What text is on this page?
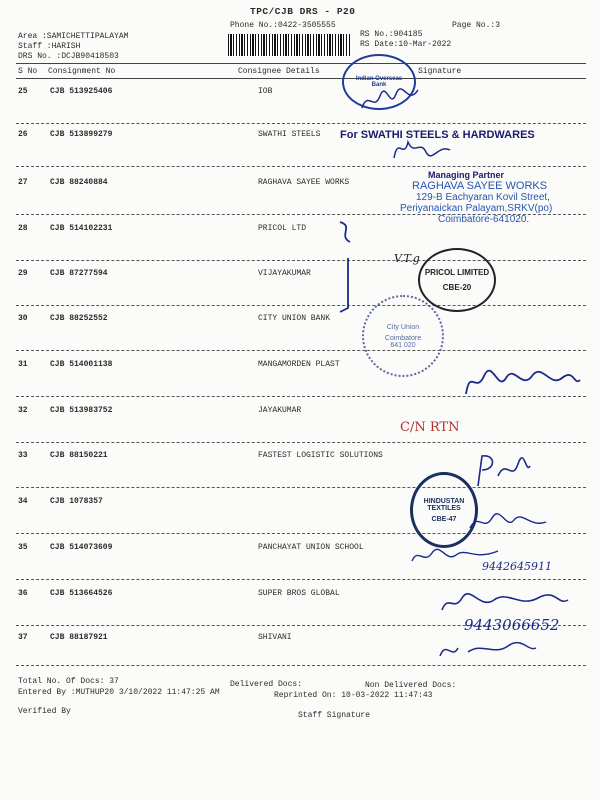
TPC/CJB DRS - P20
Phone No.:0422-3505555	Page No.:3
Area :SAMICHETTIPALAYAM
Staff :HARISH
DRS No. :DCJB90418503
RS No.:904185
RS Date:10-Mar-2022
S No Consignment No	Consignee Details	Signature
25	CJB 513925406	IOB
26	CJB 513899279	SWATHI STEELS
27	CJB 88240884	RAGHAVA SAYEE WORKS
28	CJB 514102231	PRICOL LTD
29	CJB 87277594	VIJAYAKUMAR
30	CJB 88252552	CITY UNION BANK
31	CJB 514001138	MANGAMORDEN PLAST
32	CJB 513983752	JAYAKUMAR
33	CJB 88150221	FASTEST LOGISTIC SOLUTIONS
34	CJB 1078357
35	CJB 514073609	PANCHAYAT UNION SCHOOL
36	CJB 513664526	SUPER BROS GLOBAL
37	CJB 88187921	SHIVANI
Total No. Of Docs: 37	Delivered Docs:	Non Delivered Docs:
Entered By :MUTHUP20 3/10/2022 11:47:25 AM	Reprinted On: 10-03-2022 11:47:43
Verified By	Staff Signature
Indian Overseas Bank
For SWATHI STEELS & HARDWARES
Managing Partner
RAGHAVA SAYEE WORKS
129-B Eachyaran Kovil Street,
Periyanaickan Palayam,SRKV(po)
Coimbatore-641020.
PRICOL LIMITED
CBE-20
City Union
Coimbatore
641 020
HINDUSTAN TEXTILES
CBE-47
V.T.g
C/N RTN
9442645911
9443066652
